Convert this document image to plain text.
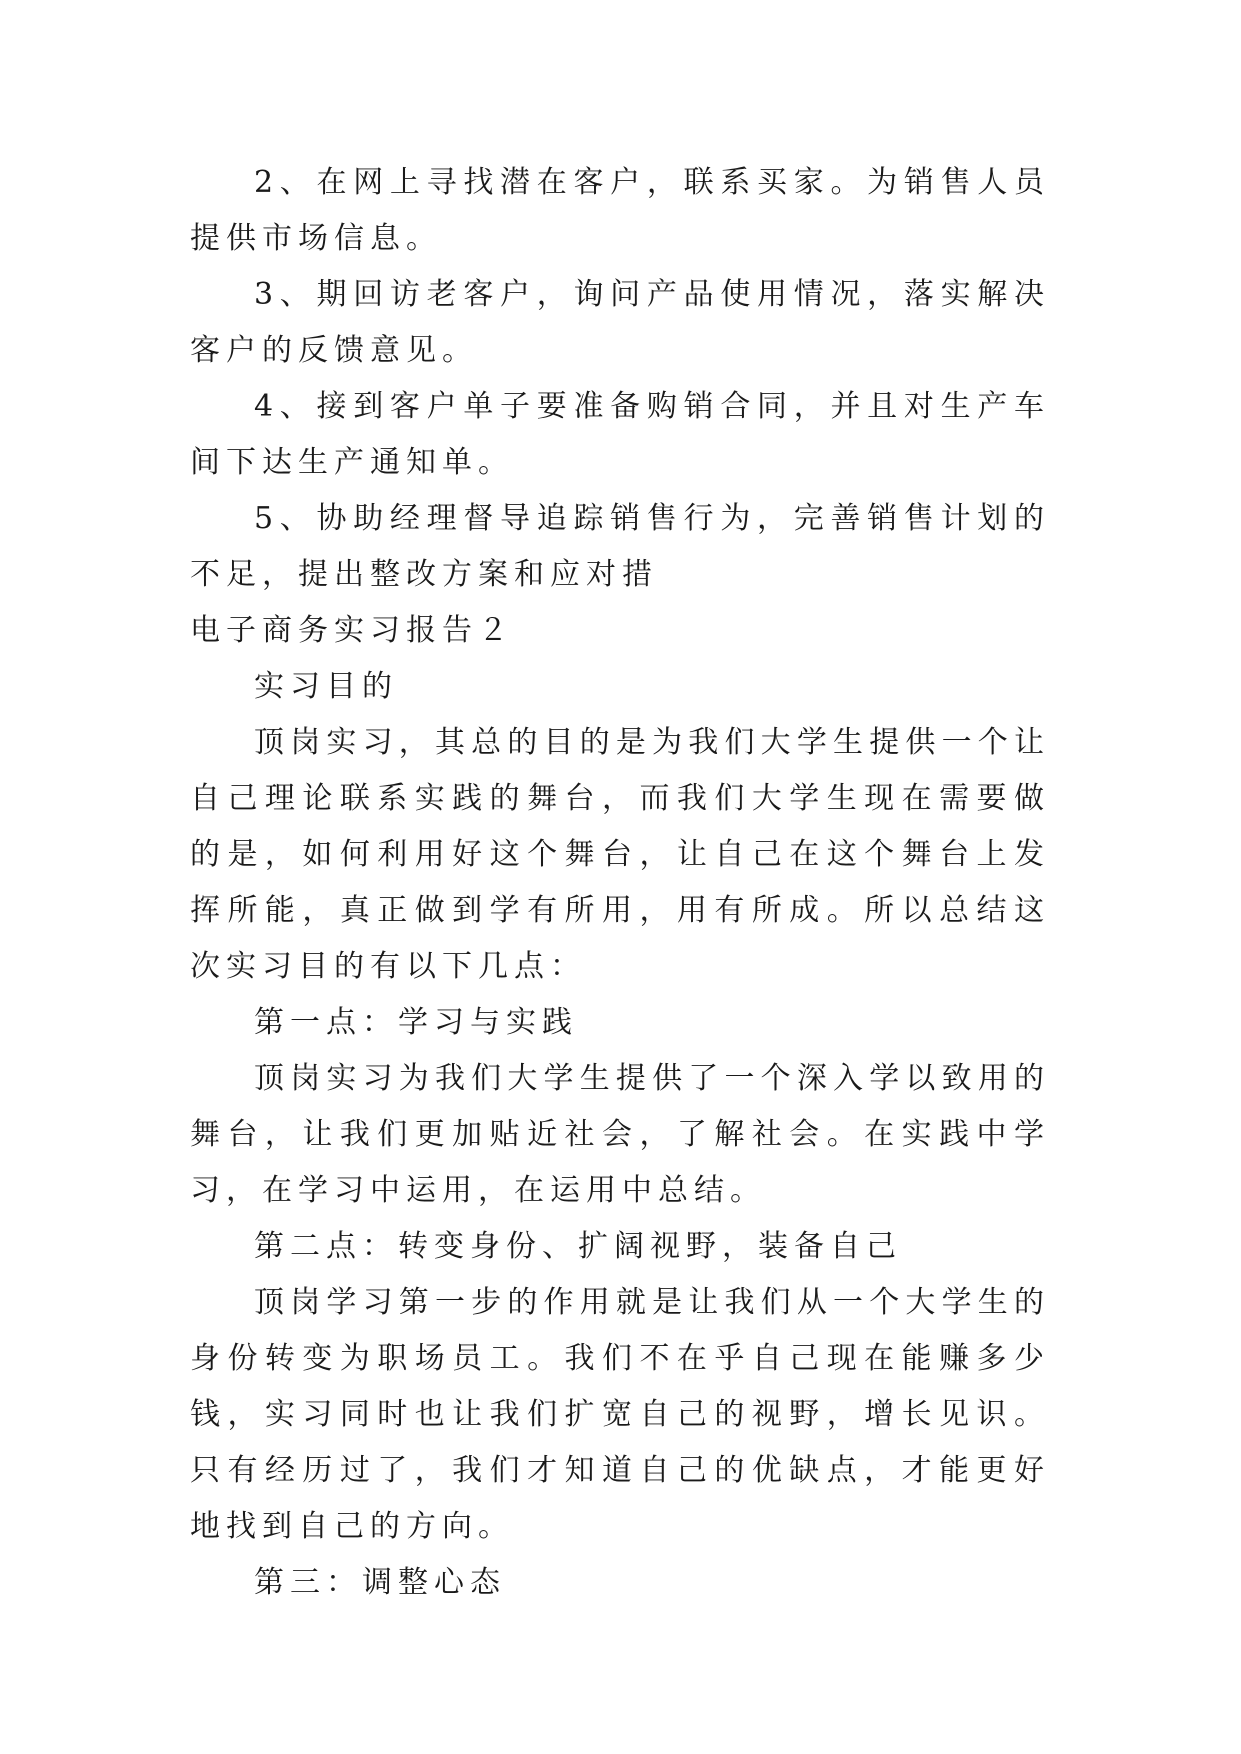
2、在网上寻找潜在客户，联系买家。为销售人员提供市场信息。

3、期回访老客户，询问产品使用情况，落实解决客户的反馈意见。

4、接到客户单子要准备购销合同，并且对生产车间下达生产通知单。

5、协助经理督导追踪销售行为，完善销售计划的不足，提出整改方案和应对措

电子商务实习报告２

实习目的

顶岗实习，其总的目的是为我们大学生提供一个让自己理论联系实践的舞台，而我们大学生现在需要做的是，如何利用好这个舞台，让自己在这个舞台上发挥所能，真正做到学有所用，用有所成。所以总结这次实习目的有以下几点：

第一点：学习与实践

顶岗实习为我们大学生提供了一个深入学以致用的舞台，让我们更加贴近社会，了解社会。在实践中学习，在学习中运用，在运用中总结。

第二点：转变身份、扩阔视野，装备自己

顶岗学习第一步的作用就是让我们从一个大学生的身份转变为职场员工。我们不在乎自己现在能赚多少钱，实习同时也让我们扩宽自己的视野，增长见识。只有经历过了，我们才知道自己的优缺点，才能更好地找到自己的方向。

第三：调整心态
